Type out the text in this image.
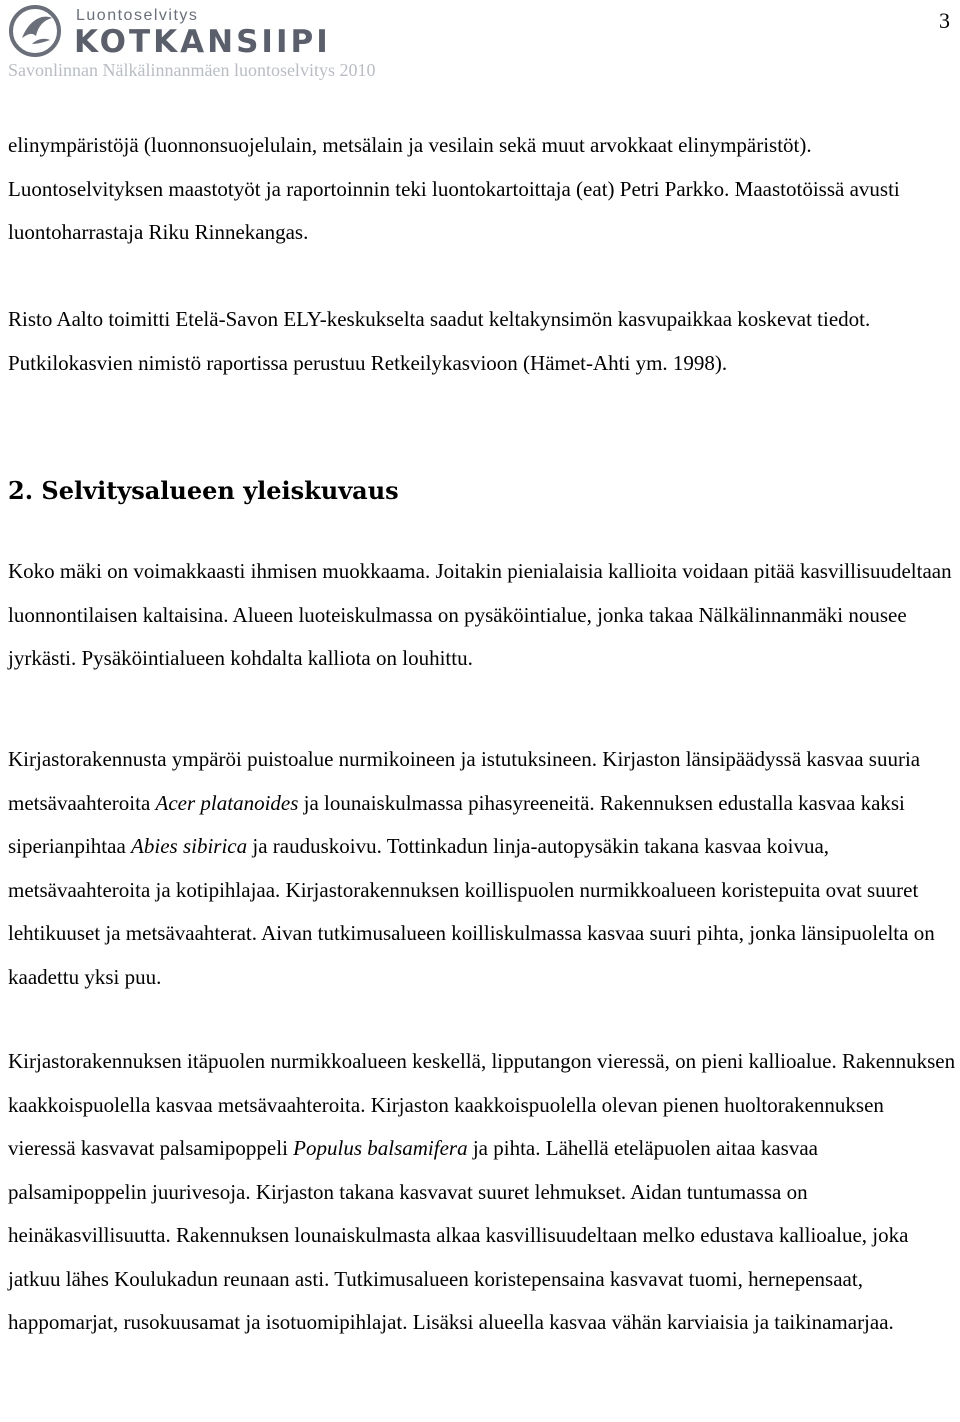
Luontoselvitys
KOTKANSIIPI
Savonlinnan Nälkälinnanmäen luontoselvitys 2010
3

elinympäristöjä (luonnonsuojelulain, metsälain ja vesilain sekä muut arvokkaat elinympäristöt). Luontoselvityksen maastotyöt ja raportoinnin teki luontokartoittaja (eat) Petri Parkko. Maastotöissä avusti luontoharrastaja Riku Rinnekangas.

Risto Aalto toimitti Etelä-Savon ELY-keskukselta saadut keltakynsimön kasvupaikkaa koskevat tiedot. Putkilokasvien nimistö raportissa perustuu Retkeilykasvioon (Hämet-Ahti ym. 1998).

2. Selvitysalueen yleiskuvaus

Koko mäki on voimakkaasti ihmisen muokkaama. Joitakin pienialaisia kallioita voidaan pitää kasvillisuudeltaan luonnontilaisen kaltaisina. Alueen luoteiskulmassa on pysäköintialue, jonka takaa Nälkälinnanmäki nousee jyrkästi. Pysäköintialueen kohdalta kalliota on louhittu.

Kirjastorakennusta ympäröi puistoalue nurmikoineen ja istutuksineen. Kirjaston länsipäädyssä kasvaa suuria metsävaahteroita Acer platanoides ja lounaiskulmassa pihasyreeneitä. Rakennuksen edustalla kasvaa kaksi siperianpihtaa Abies sibirica ja rauduskoivu. Tottinkadun linja-autopysäkin takana kasvaa koivua, metsävaahteroita ja kotipihlajaa. Kirjastorakennuksen koillispuolen nurmikkoalueen koristepuita ovat suuret lehtikuuset ja metsävaahterat. Aivan tutkimusalueen koilliskulmassa kasvaa suuri pihta, jonka länsipuolelta on kaadettu yksi puu.

Kirjastorakennuksen itäpuolen nurmikkoalueen keskellä, lipputangon vieressä, on pieni kallioalue. Rakennuksen kaakkoispuolella kasvaa metsävaahteroita. Kirjaston kaakkoispuolella olevan pienen huoltorakennuksen vieressä kasvavat palsamipoppeli Populus balsamifera ja pihta. Lähellä eteläpuolen aitaa kasvaa palsamipoppelin juurivesoja. Kirjaston takana kasvavat suuret lehmukset. Aidan tuntumassa on heinäkasvillisuutta. Rakennuksen lounaiskulmasta alkaa kasvillisuudeltaan melko edustava kallioalue, joka jatkuu lähes Koulukadun reunaan asti. Tutkimusalueen koristepensaina kasvavat tuomi, hernepensaat, happomarjat, rusokuusamat ja isotuomipihlajat. Lisäksi alueella kasvaa vähän karviaisia ja taikinamarjaa.
